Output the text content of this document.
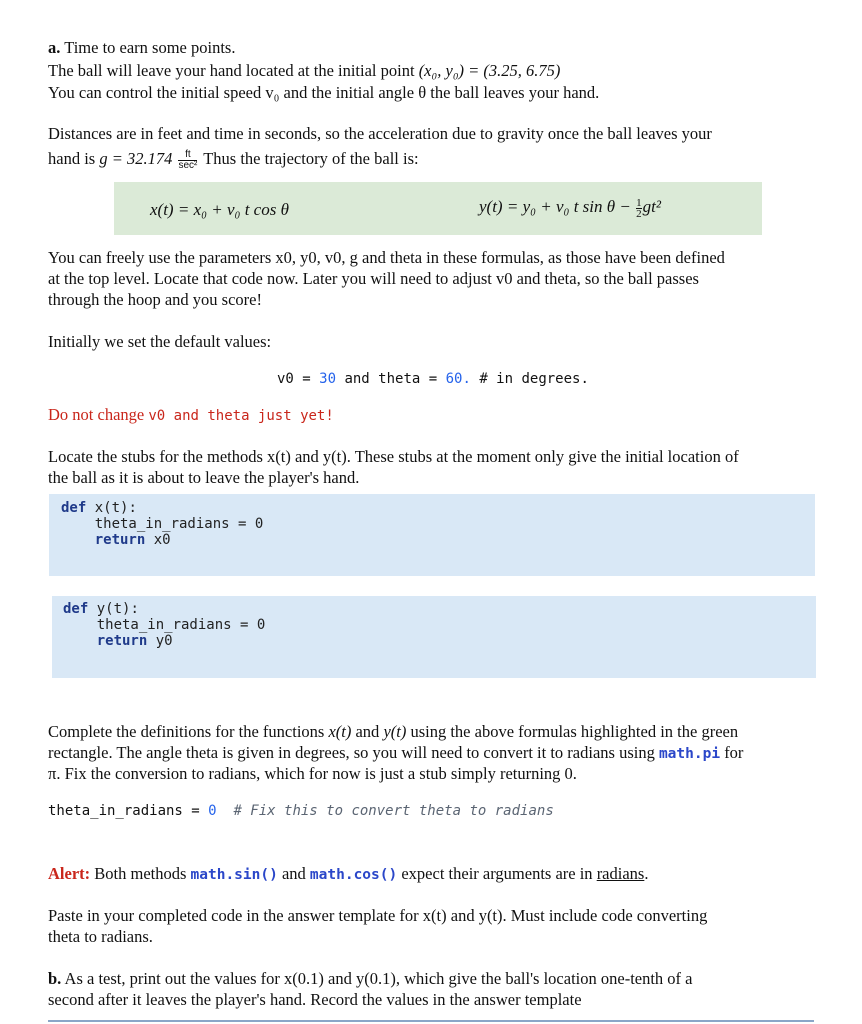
a. Time to earn some points.
The ball will leave your hand located at the initial point (x₀, y₀) = (3.25, 6.75)
You can control the initial speed v₀ and the initial angle θ the ball leaves your hand.
Distances are in feet and time in seconds, so the acceleration due to gravity once the ball leaves your
hand is $g = 32.174 \frac{ft}{\text{sec²}}$ Thus the trajectory of the ball is:
x(t) = x₀ + v₀ t cos θ	y(t) = y₀ + v₀ t $\sin \theta - \frac{1}{2}gt^2$
You can freely use the parameters x0, y0, v0, g and theta in these formulas, as those have been defined
at the top level. Locate that code now. Later you will need to adjust v0 and theta, so the ball passes
through the hoop and you score!
Initially we set the default values:
v0 = 30 and theta = 60. # in degrees.
Do not change v0 and theta just yet!
Locate the stubs for the methods x(t) and y(t). These stubs at the moment only give the initial location of
the ball as it is about to leave the player's hand.
def x(t):
theta_in_radians = 0
return x0
def y(t):
theta_in_radians = 0
return y0
Complete the definitions for the functions x(t) and y(t) using the above formulas highlighted in the green
rectangle. The angle theta is given in degrees, so you will need to convert it to radians using math.pi for
π. Fix the conversion to radians, which for now is just a stub simply returning 0.
theta_in_radians = 0  # Fix this to convert theta to radians
Alert: Both methods math.sin() and math.cos() expect their arguments are in radians.
Paste in your completed code in the answer template for x(t) and y(t). Must include code converting
theta to radians.
b. As a test, print out the values for x(0.1) and y(0.1), which give the ball's location one-tenth of a
second after it leaves the player's hand. Record the values in the answer template
